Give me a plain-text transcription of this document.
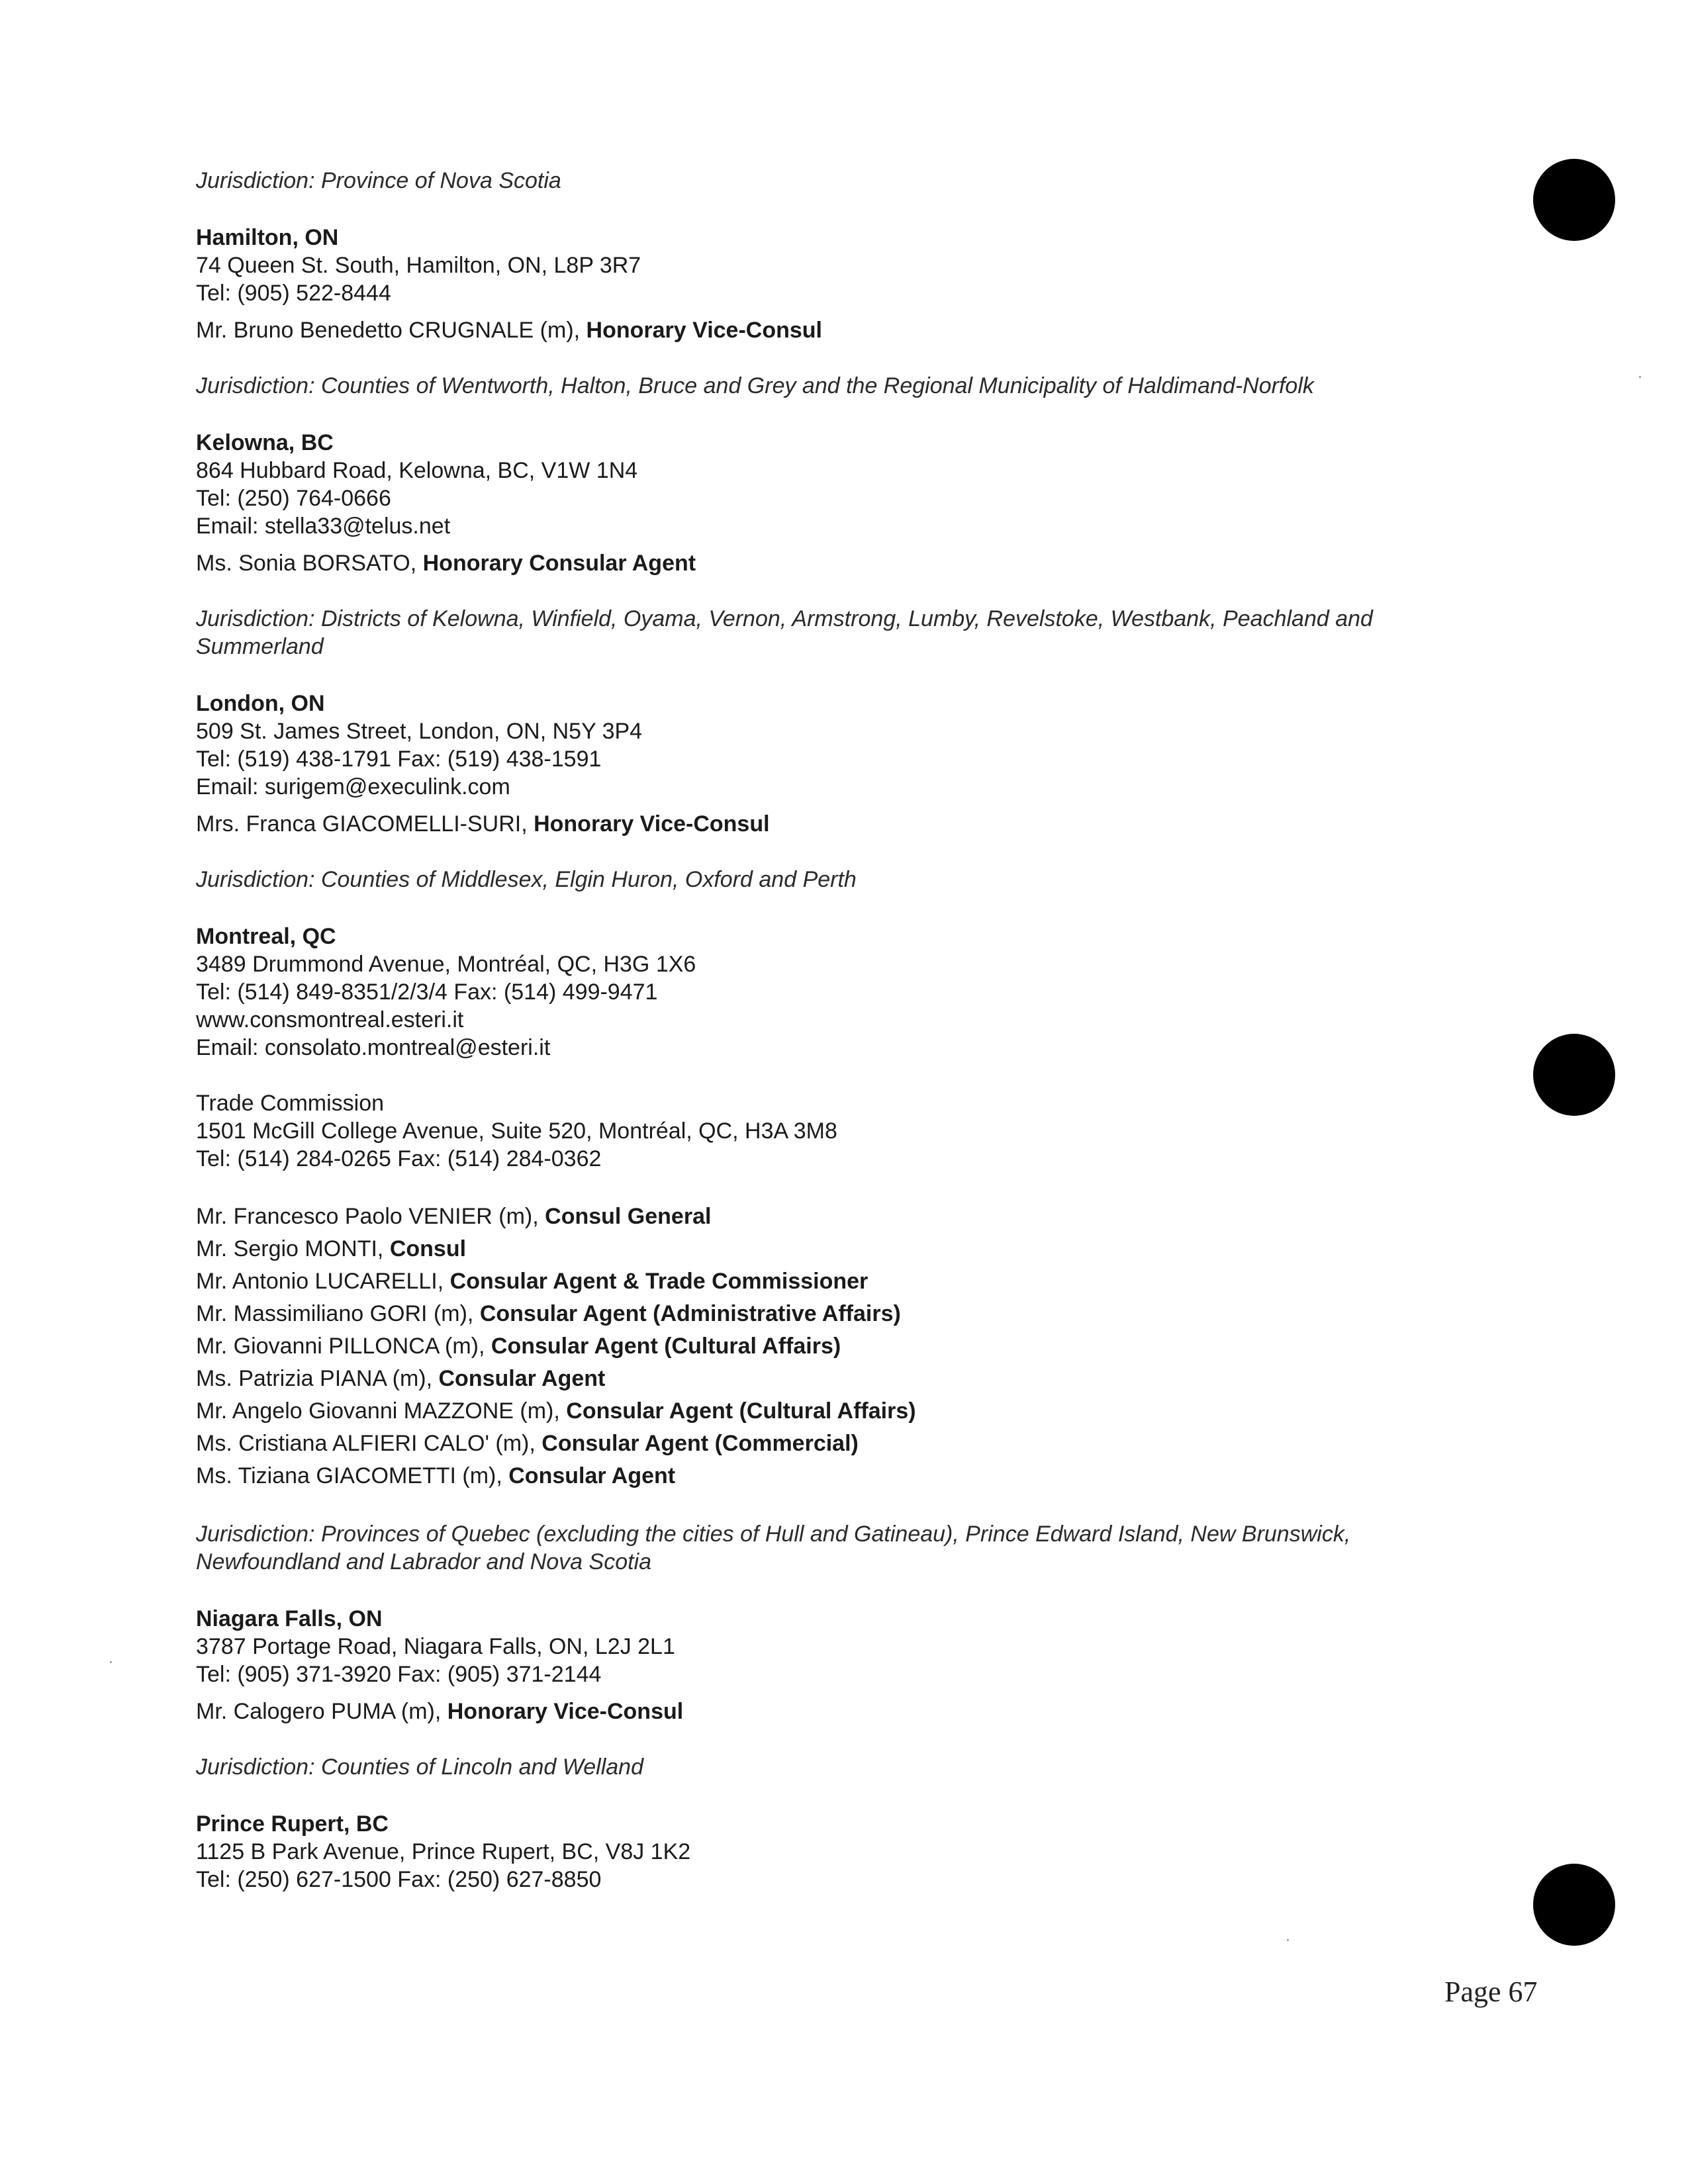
Jurisdiction: Province of Nova Scotia

Hamilton, ON

74 Queen St. South, Hamilton, ON, L8P 3R7

Tel: (905) 522-8444

Mr. Bruno Benedetto CRUGNALE (m), Honorary Vice-Consul

Jurisdiction: Counties of Wentworth, Halton, Bruce and Grey and the Regional Municipality of Haldimand-Norfolk

Kelowna, BC

864 Hubbard Road, Kelowna, BC, V1W 1N4

Tel: (250) 764-0666

Email: stella33@telus.net

Ms. Sonia BORSATO, Honorary Consular Agent

Jurisdiction: Districts of Kelowna, Winfield, Oyama, Vernon, Armstrong, Lumby, Revelstoke, Westbank, Peachland and

Summerland

London, ON

509 St. James Street, London, ON, N5Y 3P4

Tel: (519) 438-1791 Fax: (519) 438-1591

Email: surigem@execulink.com

Mrs. Franca GIACOMELLI-SURI, Honorary Vice-Consul

Jurisdiction: Counties of Middlesex, Elgin Huron, Oxford and Perth

Montreal, QC

3489 Drummond Avenue, Montréal, QC, H3G 1X6

Tel: (514) 849-8351/2/3/4 Fax: (514) 499-9471

www.consmontreal.esteri.it

Email: consolato.montreal@esteri.it

Trade Commission

1501 McGill College Avenue, Suite 520, Montréal, QC, H3A 3M8

Tel: (514) 284-0265 Fax: (514) 284-0362

Mr. Francesco Paolo VENIER (m), Consul General

Mr. Sergio MONTI, Consul

Mr. Antonio LUCARELLI, Consular Agent & Trade Commissioner

Mr. Massimiliano GORI (m), Consular Agent (Administrative Affairs)

Mr. Giovanni PILLONCA (m), Consular Agent (Cultural Affairs)

Ms. Patrizia PIANA (m), Consular Agent

Mr. Angelo Giovanni MAZZONE (m), Consular Agent (Cultural Affairs)

Ms. Cristiana ALFIERI CALO' (m), Consular Agent (Commercial)

Ms. Tiziana GIACOMETTI (m), Consular Agent

Jurisdiction: Provinces of Quebec (excluding the cities of Hull and Gatineau), Prince Edward Island, New Brunswick,

Newfoundland and Labrador and Nova Scotia

Niagara Falls, ON

3787 Portage Road, Niagara Falls, ON, L2J 2L1

Tel: (905) 371-3920 Fax: (905) 371-2144

Mr. Calogero PUMA (m), Honorary Vice-Consul

Jurisdiction: Counties of Lincoln and Welland

Prince Rupert, BC

1125 B Park Avenue, Prince Rupert, BC, V8J 1K2

Tel: (250) 627-1500 Fax: (250) 627-8850

Page 67
